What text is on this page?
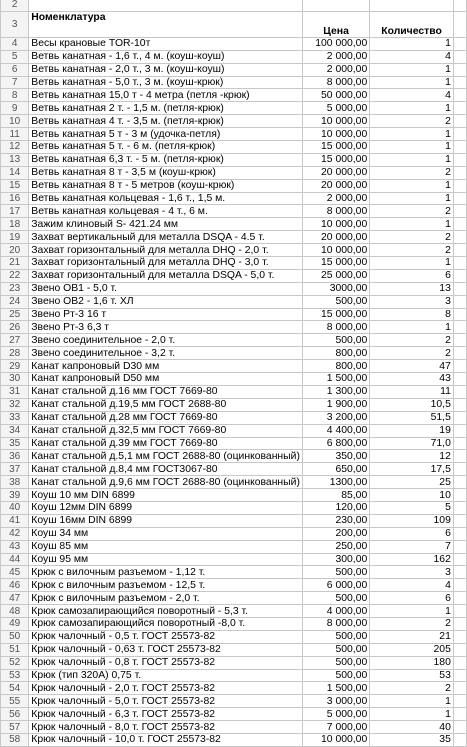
2				
3	Номенклатура	Цена	Количество	
4	Весы крановые TOR-10т	100 000,00	1	
5	Ветвь канатная - 1,6 т., 4 м. (коуш-коуш)	2 000,00	4	
6	Ветвь канатная - 2,0 т., 3 м. (коуш-коуш)	2 000,00	1	
7	Ветвь канатная - 5,0 т., 3 м. (коуш-крюк)	8 000,00	1	
8	Ветвь канатная 15,0 т - 4 метра (петля -крюк)	50 000,00	4	
9	Ветвь канатная 2 т. - 1,5 м. (петля-крюк)	5 000,00	1	
10	Ветвь канатная 4 т. - 3,5 м. (петля-крюк)	10 000,00	2	
11	Ветвь канатная 5 т - 3 м (удочка-петля)	10 000,00	1	
12	Ветвь канатная 5 т. - 6 м. (петля-крюк)	15 000,00	1	
13	Ветвь канатная 6,3 т. - 5 м. (петля-крюк)	15 000,00	1	
14	Ветвь канатная 8 т - 3,5 м (коуш-крюк)	20 000,00	2	
15	Ветвь канатная 8 т - 5 метров (коуш-крюк)	20 000,00	1	
16	Ветвь канатная кольцевая - 1,6 т., 1,5 м.	2 000,00	1	
17	Ветвь канатная кольцевая - 4 т., 6 м.	8 000,00	2	
18	Зажим клиновый S- 421.24 мм	10 000,00	1	
19	Захват вертикальный для металла DSQA - 4.5 т.	20 000,00	2	
20	Захват горизонтальный для металла DHQ - 2,0 т.	10 000,00	2	
21	Захват горизонтальный для металла DHQ - 3,0 т.	15 000,00	1	
22	Захват горизонтальный для металла DSQA - 5,0 т.	25 000,00	6	
23	Звено ОВ1 - 5,0 т.	3000,00	13	
24	Звено ОВ2 - 1,6 т. ХЛ	500,00	3	
25	Звено Рт-3 16 т	15 000,00	8	
26	Звено Рт-3 6,3 т	8 000,00	1	
27	Звено соединительное - 2,0 т.	500,00	2	
28	Звено соединительное - 3,2 т.	800,00	2	
29	Канат капроновый D30 мм	800,00	47	
30	Канат капроновый D50 мм	1 500,00	43	
31	Канат стальной д.16 мм ГОСТ 7669-80	1 300,00	11	
32	Канат стальной д.19,5 мм ГОСТ 2688-80	1 900,00	10,5	
33	Канат стальной д.28 мм ГОСТ 7669-80	3 200,00	51,5	
34	Канат стальной д.32,5 мм ГОСТ 7669-80	4 400,00	19	
35	Канат стальной д.39 мм ГОСТ 7669-80	6 800,00	71,0	
36	Канат стальной д.5,1 мм ГОСТ 2688-80 (оцинкованный)	350,00	12	
37	Канат стальной д.8,4 мм ГОСТ3067-80	650,00	17,5	
38	Канат стальной д.9,6 мм ГОСТ 2688-80 (оцинкованный)	1300,00	25	
39	Коуш 10 мм DIN 6899	85,00	10	
40	Коуш 12мм DIN 6899	120,00	5	
41	Коуш 16мм DIN 6899	230,00	109	
42	Коуш 34 мм	200,00	6	
43	Коуш 85 мм	250,00	7	
44	Коуш 95 мм	300,00	162	
45	Крюк с вилочным разъемом - 1,12 т.	500,00	3	
46	Крюк с вилочным разъемом - 12,5 т.	6 000,00	4	
47	Крюк с вилочным разъемом - 2,0 т.	500,00	6	
48	Крюк самозапирающийся поворотный - 5,3 т.	4 000,00	1	
49	Крюк самозапирающийся поворотный -8,0 т.	8 000,00	2	
50	Крюк чалочный - 0,5 т. ГОСТ 25573-82	500,00	21	
51	Крюк чалочный - 0,63 т. ГОСТ 25573-82	500,00	205	
52	Крюк чалочный - 0,8 т. ГОСТ 25573-82	500,00	180	
53	Крюк (тип 320А) 0,75 т.	500,00	53	
54	Крюк чалочный - 2,0 т. ГОСТ 25573-82	1 500,00	2	
55	Крюк чалочный - 5,0 т. ГОСТ 25573-82	3 000,00	1	
56	Крюк чалочный - 6,3 т. ГОСТ 25573-82	5 000,00	1	
57	Крюк чалочный - 8,0 т. ГОСТ 25573-82	7 000,00	40	
58	Крюк чалочный - 10,0 т. ГОСТ 25573-82	10 000,00	35	
